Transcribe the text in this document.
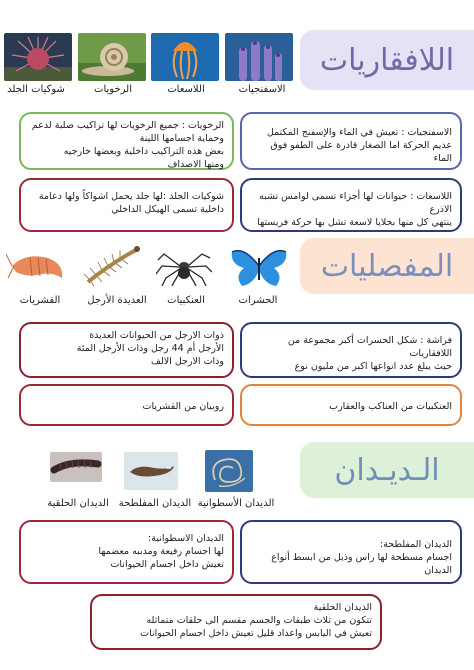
اللافقاريات
شوكيات الجلد	الرخويات	اللاسعات	الاسفنجيات
الرخويات : جميع الرخويات لها تراكيب صلبة لدعم
وحماية اجسامها اللينة
بعض هذه التراكيب داخلية وبعضها خارجيه
ومنها الاصداف
الاسفنجيات : تعيش في الماء والإسفنج المكتمل
عديم الحركة اما الصغار قادرة على الطفو فوق الماء
شوكيات الجلد :لها جلد يحمل اشواكاً ولها دعامة
داخلية تسمى الهيكل الداخلي
اللاسعات : حيوانات لها أجزاء تسمى لوامس تشبه الاذرع
ينتهي كل منها بخلايا لاسعة تشل بها حركة فريستها
المفصليات
القشريات	العديدة الأرجل العنكبيات	الحشرات
ذوات الارجل من الحيوانات العديدة
الأرجل أم 44 رجل وذات الأرجل المئة
وذات الارجل الالف
فراشة : شكل الحسرات أكبر مجموعة من اللافقاريات
حيث يبلغ عدد انواعها اكبر من مليون نوع
روبيان من القشريات	العنكبيات من العناكب والعقارب
الـديـدان
الديدان الحلقية الديدان المفلطحة الديدان الأسطوانية
الديدان الاسطوانية:
لها اجسام رفيعة ومدببه معضمها
تعيش داخل اجسام الحيوانات
الديدان المفلطحة:
اجسام مسطحة لها راس وذيل من ابسط أنواع الديدان
الديدان الحلقية
تتكون من ثلاث طبقات والجسم مقسم الى حلقات متماثله
تعيش في اليابس واعداد قليل تعيش داخل اجسام الحيوانات
